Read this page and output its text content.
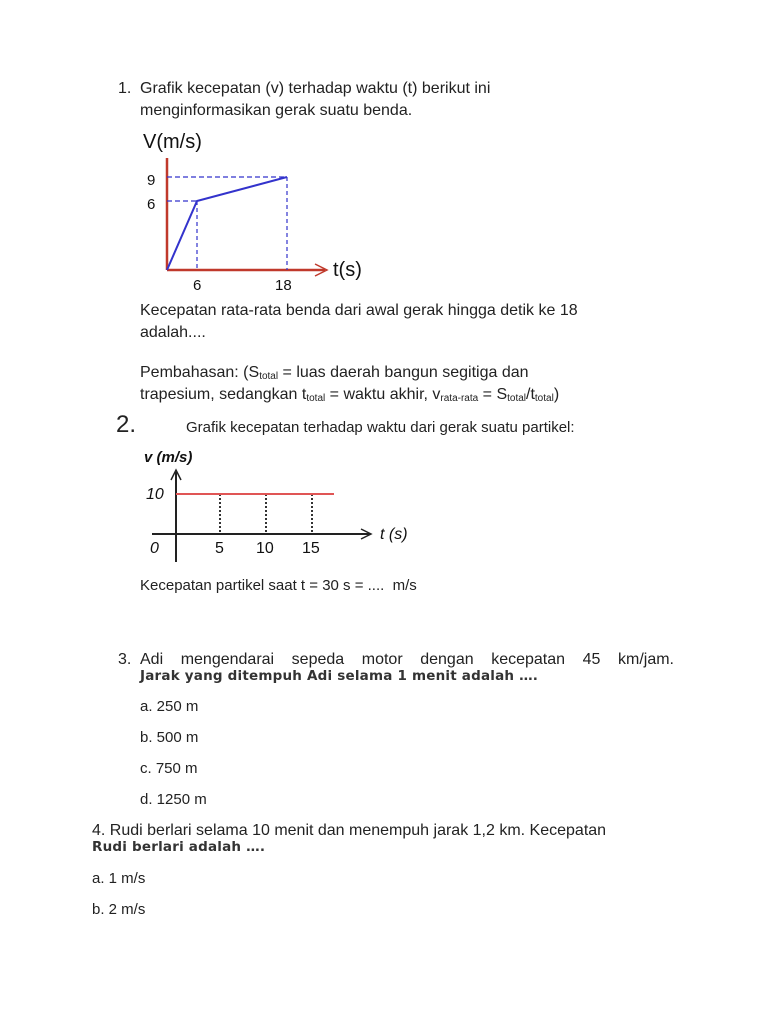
1. Grafik kecepatan (v) terhadap waktu (t) berikut ini
menginformasikan gerak suatu benda.
V(m/s)
9
6
6	18
t(s)
Kecepatan rata-rata benda dari awal gerak hingga detik ke 18
adalah....
Pembahasan: ($S_{total}$ = luas daerah bangun segitiga dan
trapesium, sedangkan $t_{total}$ = waktu akhir, $v_{rata-rata} = S_{total}/t_{total}$)
2.	Grafik kecepatan terhadap waktu dari gerak suatu partikel:
v (m/s)
10
0	5 10 15
t (s)
Kecepatan partikel saat t = 30 s = ....  m/s
3. Adi mengendarai sepeda motor dengan kecepatan 45 km/jam.
Jarak yang ditempuh Adi selama 1 menit adalah ….
a. 250 m
b. 500 m
c. 750 m
d. 1250 m
4. Rudi berlari selama 10 menit dan menempuh jarak 1,2 km. Kecepatan
Rudi berlari adalah ….
a. 1 m/s
b. 2 m/s
